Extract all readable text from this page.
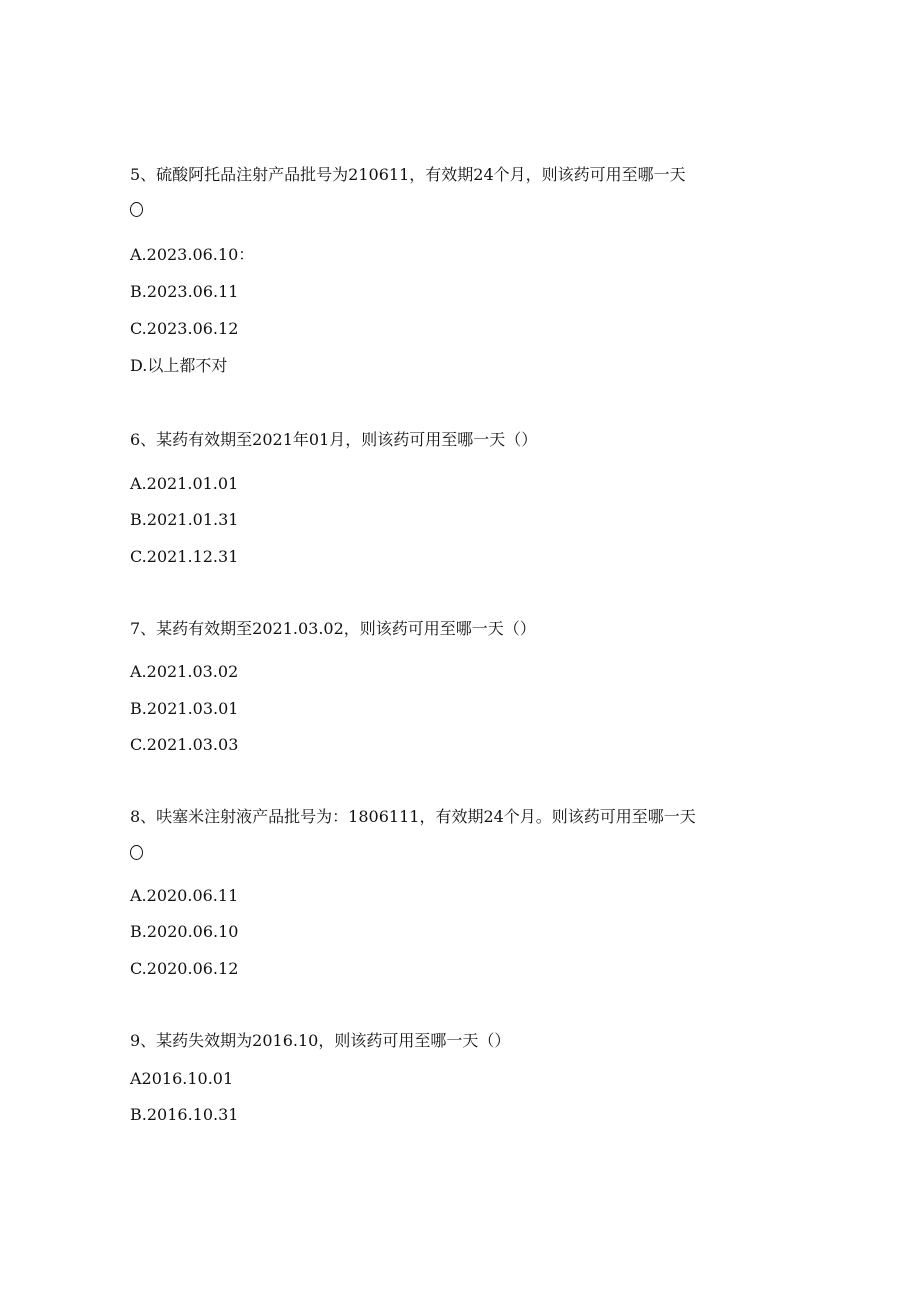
5、硫酸阿托品注射产品批号为210611，有效期24个月，则该药可用至哪一天
A.2023.06.10：
B.2023.06.11
C.2023.06.12
D.以上都不对
6、某药有效期至2021年01月，则该药可用至哪一天（）
A.2021.01.01
B.2021.01.31
C.2021.12.31
7、某药有效期至2021.03.02，则该药可用至哪一天（）
A.2021.03.02
B.2021.03.01
C.2021.03.03
8、呋塞米注射液产品批号为：1806111，有效期24个月。则该药可用至哪一天
A.2020.06.11
B.2020.06.10
C.2020.06.12
9、某药失效期为2016.10，则该药可用至哪一天（）
A2016.10.01
B.2016.10.31
